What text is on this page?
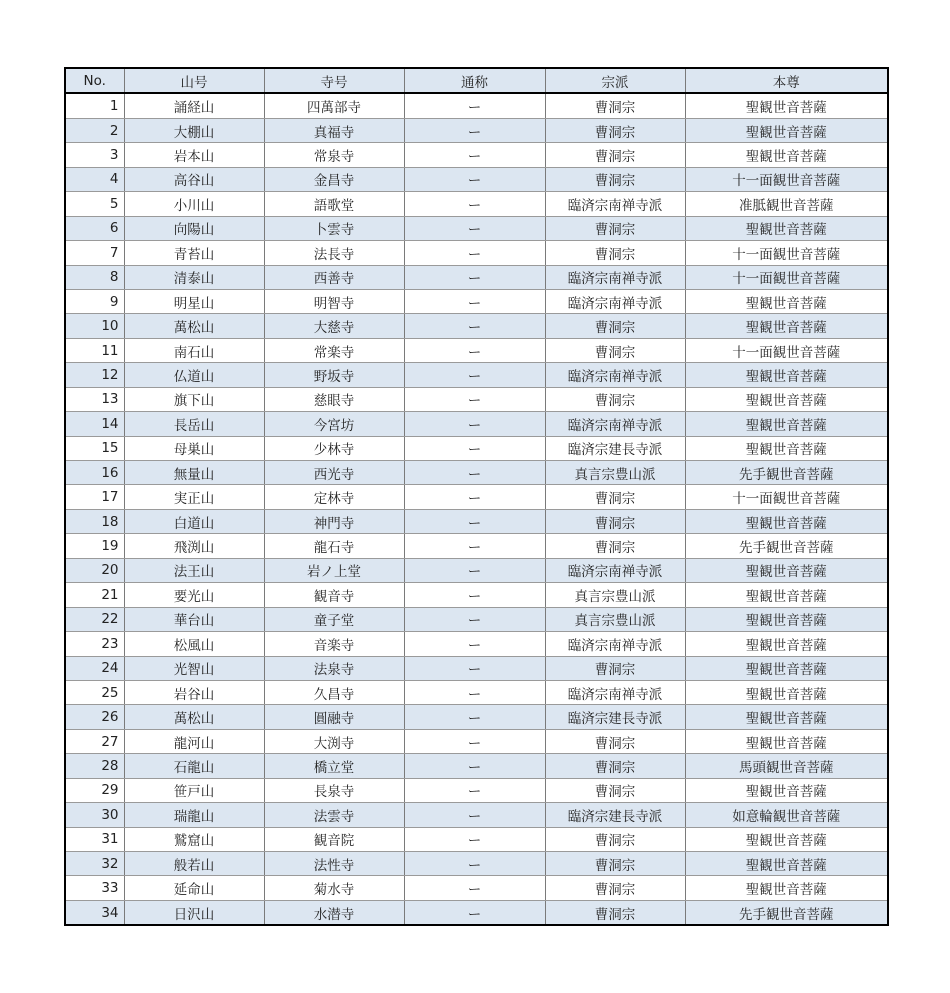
No.	山号	寺号	通称	宗派	本尊
1	誦経山	四萬部寺	ー	曹洞宗	聖観世音菩薩
2	大棚山	真福寺	ー	曹洞宗	聖観世音菩薩
3	岩本山	常泉寺	ー	曹洞宗	聖観世音菩薩
4	高谷山	金昌寺	ー	曹洞宗	十一面観世音菩薩
5	小川山	語歌堂	ー	臨済宗南禅寺派	准胝観世音菩薩
6	向陽山	卜雲寺	ー	曹洞宗	聖観世音菩薩
7	青苔山	法長寺	ー	曹洞宗	十一面観世音菩薩
8	清泰山	西善寺	ー	臨済宗南禅寺派	十一面観世音菩薩
9	明星山	明智寺	ー	臨済宗南禅寺派	聖観世音菩薩
10	萬松山	大慈寺	ー	曹洞宗	聖観世音菩薩
11	南石山	常楽寺	ー	曹洞宗	十一面観世音菩薩
12	仏道山	野坂寺	ー	臨済宗南禅寺派	聖観世音菩薩
13	旗下山	慈眼寺	ー	曹洞宗	聖観世音菩薩
14	長岳山	今宮坊	ー	臨済宗南禅寺派	聖観世音菩薩
15	母巣山	少林寺	ー	臨済宗建長寺派	聖観世音菩薩
16	無量山	西光寺	ー	真言宗豊山派	先手観世音菩薩
17	実正山	定林寺	ー	曹洞宗	十一面観世音菩薩
18	白道山	神門寺	ー	曹洞宗	聖観世音菩薩
19	飛渕山	龍石寺	ー	曹洞宗	先手観世音菩薩
20	法王山	岩ノ上堂	ー	臨済宗南禅寺派	聖観世音菩薩
21	要光山	観音寺	ー	真言宗豊山派	聖観世音菩薩
22	華台山	童子堂	ー	真言宗豊山派	聖観世音菩薩
23	松風山	音楽寺	ー	臨済宗南禅寺派	聖観世音菩薩
24	光智山	法泉寺	ー	曹洞宗	聖観世音菩薩
25	岩谷山	久昌寺	ー	臨済宗南禅寺派	聖観世音菩薩
26	萬松山	圓融寺	ー	臨済宗建長寺派	聖観世音菩薩
27	龍河山	大渕寺	ー	曹洞宗	聖観世音菩薩
28	石龍山	橋立堂	ー	曹洞宗	馬頭観世音菩薩
29	笹戸山	長泉寺	ー	曹洞宗	聖観世音菩薩
30	瑞龍山	法雲寺	ー	臨済宗建長寺派	如意輪観世音菩薩
31	鷲窟山	観音院	ー	曹洞宗	聖観世音菩薩
32	般若山	法性寺	ー	曹洞宗	聖観世音菩薩
33	延命山	菊水寺	ー	曹洞宗	聖観世音菩薩
34	日沢山	水潜寺	ー	曹洞宗	先手観世音菩薩
